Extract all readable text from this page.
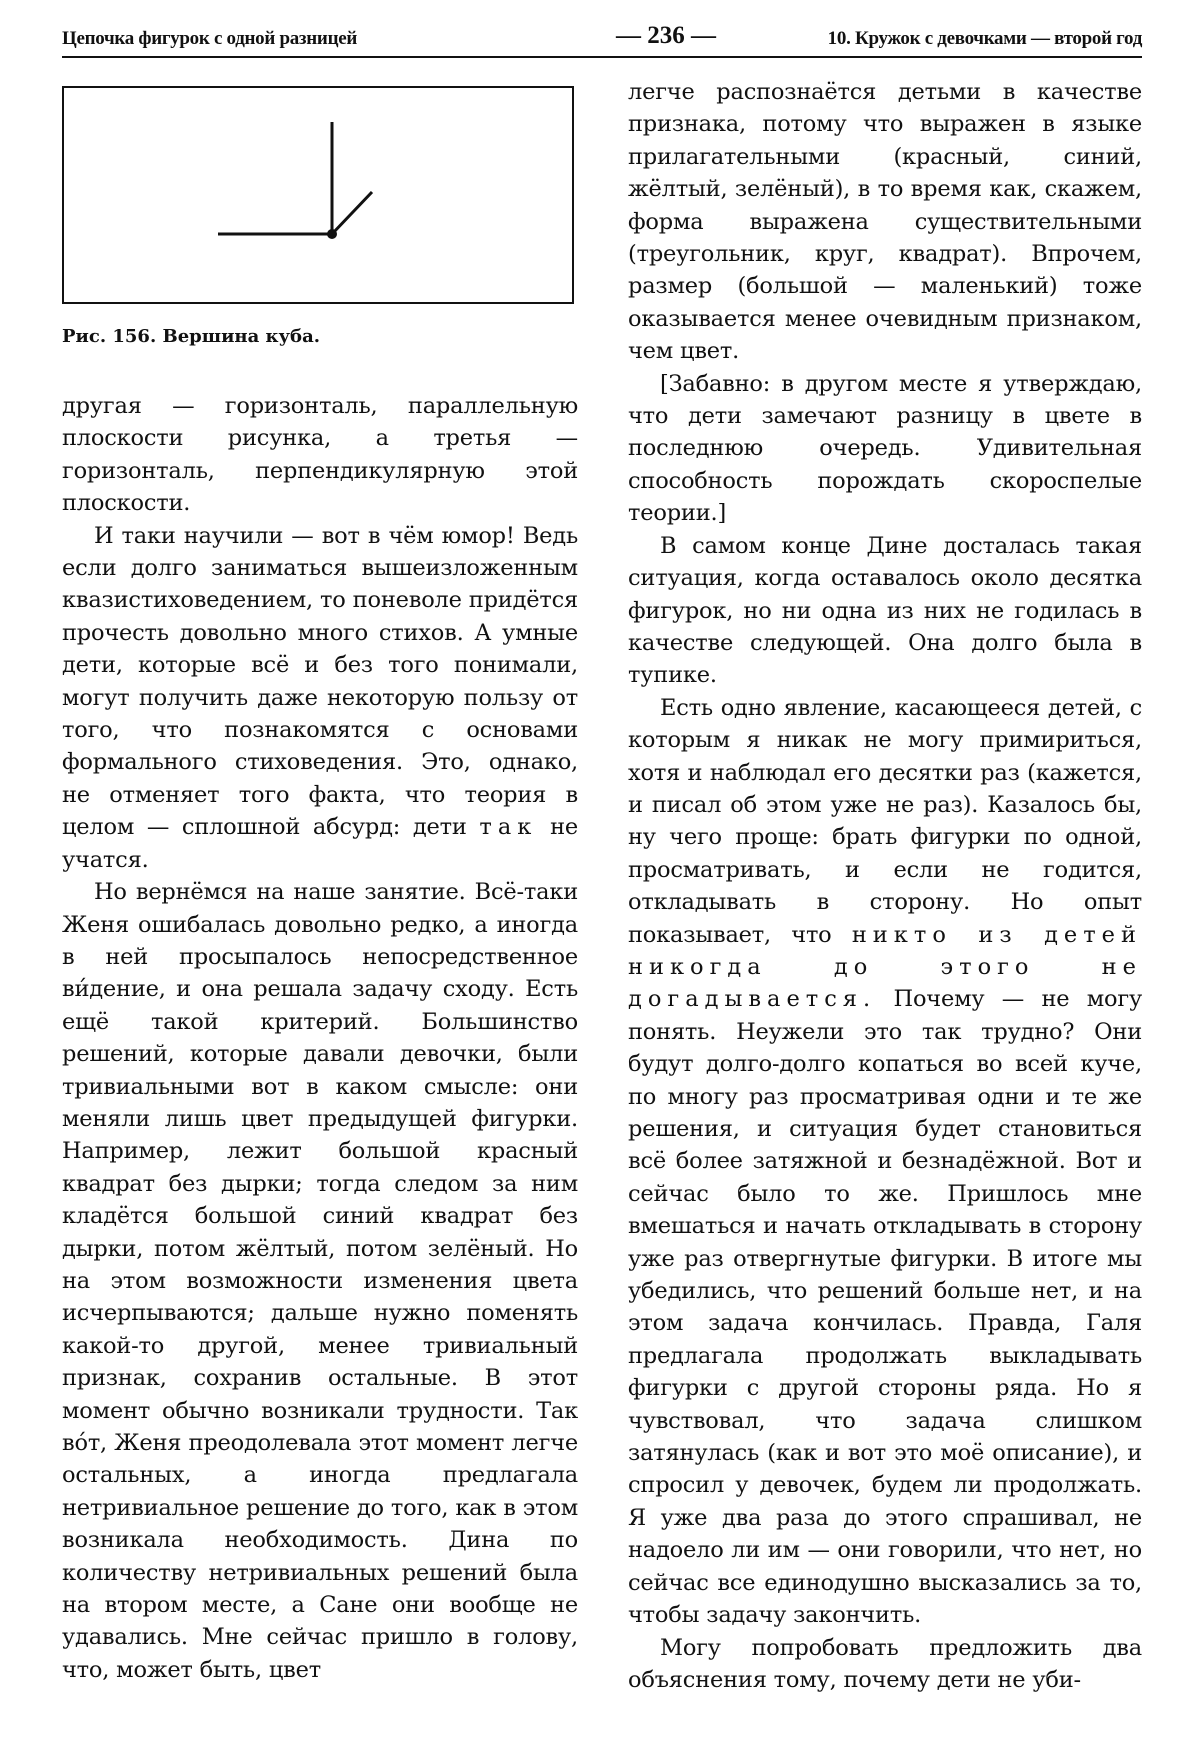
Цепочка фигурок с одной разницей	— 236 —	10. Кружок с девочками — второй год
Рис. 156. Вершина куба.

другая — горизонталь, параллельную плоскости рисунка, а третья — горизонталь, перпендикулярную этой плоскости.

И таки научили — вот в чём юмор! Ведь если долго заниматься вышеизложенным квазистиховедением, то поневоле придётся прочесть довольно много стихов. А умные дети, которые всё и без того понимали, могут получить даже некоторую пользу от того, что познакомятся с основами формального стиховедения. Это, однако, не отменяет того факта, что теория в целом — сплошной абсурд: дети так не учатся.

Но вернёмся на наше занятие. Всё-таки Женя ошибалась довольно редко, а иногда в ней просыпалось непосредственное ви́дение, и она решала задачу сходу. Есть ещё такой критерий. Большинство решений, которые давали девочки, были тривиальными вот в каком смысле: они меняли лишь цвет предыдущей фигурки. Например, лежит большой красный квадрат без дырки; тогда следом за ним кладётся большой синий квадрат без дырки, потом жёлтый, потом зелёный. Но на этом возможности изменения цвета исчерпываются; дальше нужно поменять какой-то другой, менее тривиальный признак, сохранив остальные. В этот момент обычно возникали трудности. Так во́т, Женя преодолевала этот момент легче остальных, а иногда предлагала нетривиальное решение до того, как в этом возникала необходимость. Дина по количеству нетривиальных решений была на втором месте, а Сане они вообще не удавались. Мне сейчас пришло в голову, что, может быть, цвет

легче распознаётся детьми в качестве признака, потому что выражен в языке прилагательными (красный, синий, жёлтый, зелёный), в то время как, скажем, форма выражена существительными (треугольник, круг, квадрат). Впрочем, размер (большой — маленький) тоже оказывается менее очевидным признаком, чем цвет.

[Забавно: в другом месте я утверждаю, что дети замечают разницу в цвете в последнюю очередь. Удивительная способность порождать скороспелые теории.]

В самом конце Дине досталась такая ситуация, когда оставалось около десятка фигурок, но ни одна из них не годилась в качестве следующей. Она долго была в тупике.

Есть одно явление, касающееся детей, с которым я никак не могу примириться, хотя и наблюдал его десятки раз (кажется, и писал об этом уже не раз). Казалось бы, ну чего проще: брать фигурки по одной, просматривать, и если не годится, откладывать в сторону. Но опыт показывает, что никто из детей никогда до этого не догадывается. Почему — не могу понять. Неужели это так трудно? Они будут долго-долго копаться во всей куче, по многу раз просматривая одни и те же решения, и ситуация будет становиться всё более затяжной и безнадёжной. Вот и сейчас было то же. Пришлось мне вмешаться и начать откладывать в сторону уже раз отвергнутые фигурки. В итоге мы убедились, что решений больше нет, и на этом задача кончилась. Правда, Галя предлагала продолжать выкладывать фигурки с другой стороны ряда. Но я чувствовал, что задача слишком затянулась (как и вот это моё описание), и спросил у девочек, будем ли продолжать. Я уже два раза до этого спрашивал, не надоело ли им — они говорили, что нет, но сейчас все единодушно высказались за то, чтобы задачу закончить.

Могу попробовать предложить два объяснения тому, почему дети не уби-
